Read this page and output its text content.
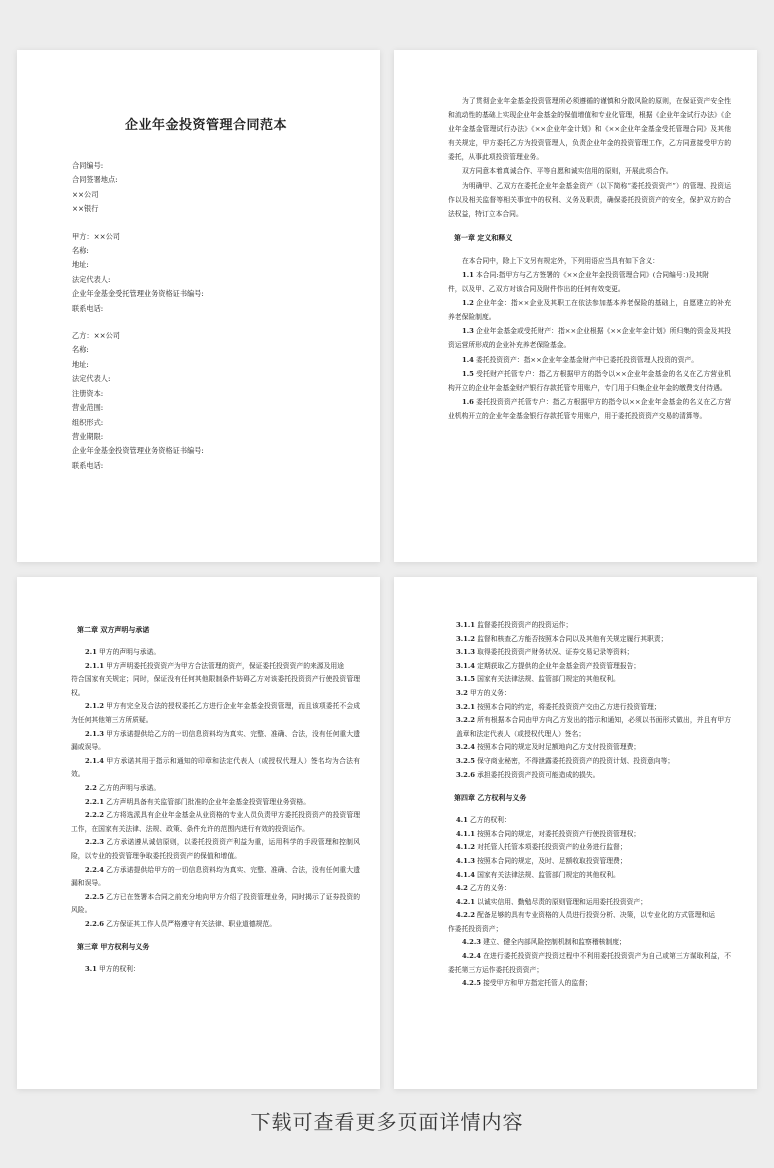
企业年金投资管理合同范本
合同编号:
合同签署地点:
××公司
××银行
甲方：××公司
名称:
地址:
法定代表人:
企业年金基金受托管理业务资格证书编号:
联系电话:
乙方：××公司
名称:
地址:
法定代表人:
注册资本:
营业范围:
组织形式:
营业期限:
企业年金基金投资管理业务资格证书编号:
联系电话:

为了贯彻企业年金基金投资管理所必须遵循的谨慎和分散风险的原则，在保证资产安全性和流动性的基础上实现企业年金基金的保值增值和专业化管理，根据《企业年金试行办法》《企业年金基金管理试行办法》《××企业年金计划》和《××企业年金基金受托管理合同》及其他有关规定，甲方委托乙方为投资管理人，负责企业年金的投资管理工作，乙方同意接受甲方的委托，从事此项投资管理业务。

双方同意本着真诚合作、平等自愿和诚实信用的原则，开展此项合作。

为明确甲、乙双方在委托企业年金基金资产（以下简称“委托投资资产”）的管理、投资运作以及相关监督等相关事宜中的权利、义务及职责，确保委托投资资产的安全，保护双方的合法权益，特订立本合同。

第一章 定义和释义

在本合同中，除上下文另有规定外，下列用语应当具有如下含义：

1.1 本合同:指甲方与乙方签署的《××企业年金投资管理合同》(合同编号：)及其附

件，以及甲、乙双方对该合同及附件作出的任何有效变更。

1.2 企业年金：指××企业及其职工在依法参加基本养老保险的基础上，自愿建立的补充养老保险制度。

1.3 企业年金基金或受托财产：指××企业根据《××企业年金计划》所归集的资金及其投资运营所形成的企业补充养老保险基金。

1.4 委托投资资产：指××企业年金基金财产中已委托投资管理人投资的资产。

1.5 受托财产托管专户：指乙方根据甲方的指令以××企业年金基金的名义在乙方营业机构开立的企业年金基金财产银行存款托管专用账户，专门用于归集企业年金的缴费支付待遇。

1.6 委托投资资产托管专户：指乙方根据甲方的指令以××企业年金基金的名义在乙方营业机构开立的企业年金基金银行存款托管专用账户，用于委托投资资产交易的清算等。

第二章 双方声明与承诺

2.1 甲方的声明与承诺。

2.1.1 甲方声明委托投资资产为甲方合法管理的资产，保证委托投资资产的来源及用途

符合国家有关规定；同时，保证没有任何其他限制条件妨碍乙方对该委托投资资产行使投资管理权。

2.1.2 甲方有完全及合法的授权委托乙方进行企业年金基金投资管理，而且该项委托不会成为任何其他第三方所质疑。

2.1.3 甲方承诺提供给乙方的一切信息资料均为真实、完整、准确、合法，没有任何重大遗漏或误导。

2.1.4 甲方承诺其用于指示和通知的印章和法定代表人（或授权代理人）签名均为合法有效。

2.2 乙方的声明与承诺。

2.2.1 乙方声明具备有关监管部门批准的企业年金基金投资管理业务资格。

2.2.2 乙方将选派具有企业年金基金从业资格的专业人员负责甲方委托投资资产的投资管理工作，在国家有关法律、法规、政策、条件允许的范围内进行有效的投资运作。

2.2.3 乙方承诺遵从诚信原则，以委托投资资产利益为重，运用科学的手段管理和控制风险，以专业的投资管理争取委托投资资产的保值和增值。

2.2.4 乙方承诺提供给甲方的一切信息资料均为真实、完整、准确、合法，没有任何重大遗漏和误导。

2.2.5 乙方已在签署本合同之前充分地向甲方介绍了投资管理业务，同时揭示了证券投资的风险。

2.2.6 乙方保证其工作人员严格遵守有关法律、职业道德规范。

第三章 甲方权利与义务

3.1 甲方的权利：

3.1.1 监督委托投资资产的投资运作；

3.1.2 监督和核查乙方能否按照本合同以及其他有关规定履行其职责；

3.1.3 取得委托投资资产财务状况、证券交易记录等资料；

3.1.4 定期获取乙方提供的企业年金基金资产投资管理报告；

3.1.5 国家有关法律法规、监管部门规定的其他权利。

3.2 甲方的义务：

3.2.1 按照本合同的约定，将委托投资资产交由乙方进行投资管理；

3.2.2 所有根据本合同由甲方向乙方发出的指示和通知，必须以书面形式做出，并且有甲方盖章和法定代表人（或授权代理人）签名；

3.2.4 按照本合同的规定及时足额地向乙方支付投资管理费；

3.2.5 保守商业秘密，不得泄露委托投资资产的投资计划、投资意向等；

3.2.6 承担委托投资资产投资可能造成的损失。

第四章 乙方权利与义务

4.1 乙方的权利：

4.1.1 按照本合同的规定，对委托投资资产行使投资管理权；

4.1.2 对托管人托管本项委托投资资产的业务进行监督；

4.1.3 按照本合同的规定，及时、足额收取投资管理费；

4.1.4 国家有关法律法规、监管部门规定的其他权利。

4.2 乙方的义务：

4.2.1 以诚实信用、勤勉尽责的原则管理和运用委托投资资产；

4.2.2 配备足够的具有专业资格的人员进行投资分析、决策，以专业化的方式管理和运

作委托投资资产；

4.2.3 建立、健全内部风险控制机制和监察稽核制度；

4.2.4 在进行委托投资资产投资过程中不利用委托投资资产为自己或第三方谋取利益，不委托第三方运作委托投资资产；

4.2.5 接受甲方和甲方指定托管人的监督；

下载可查看更多页面详情内容
